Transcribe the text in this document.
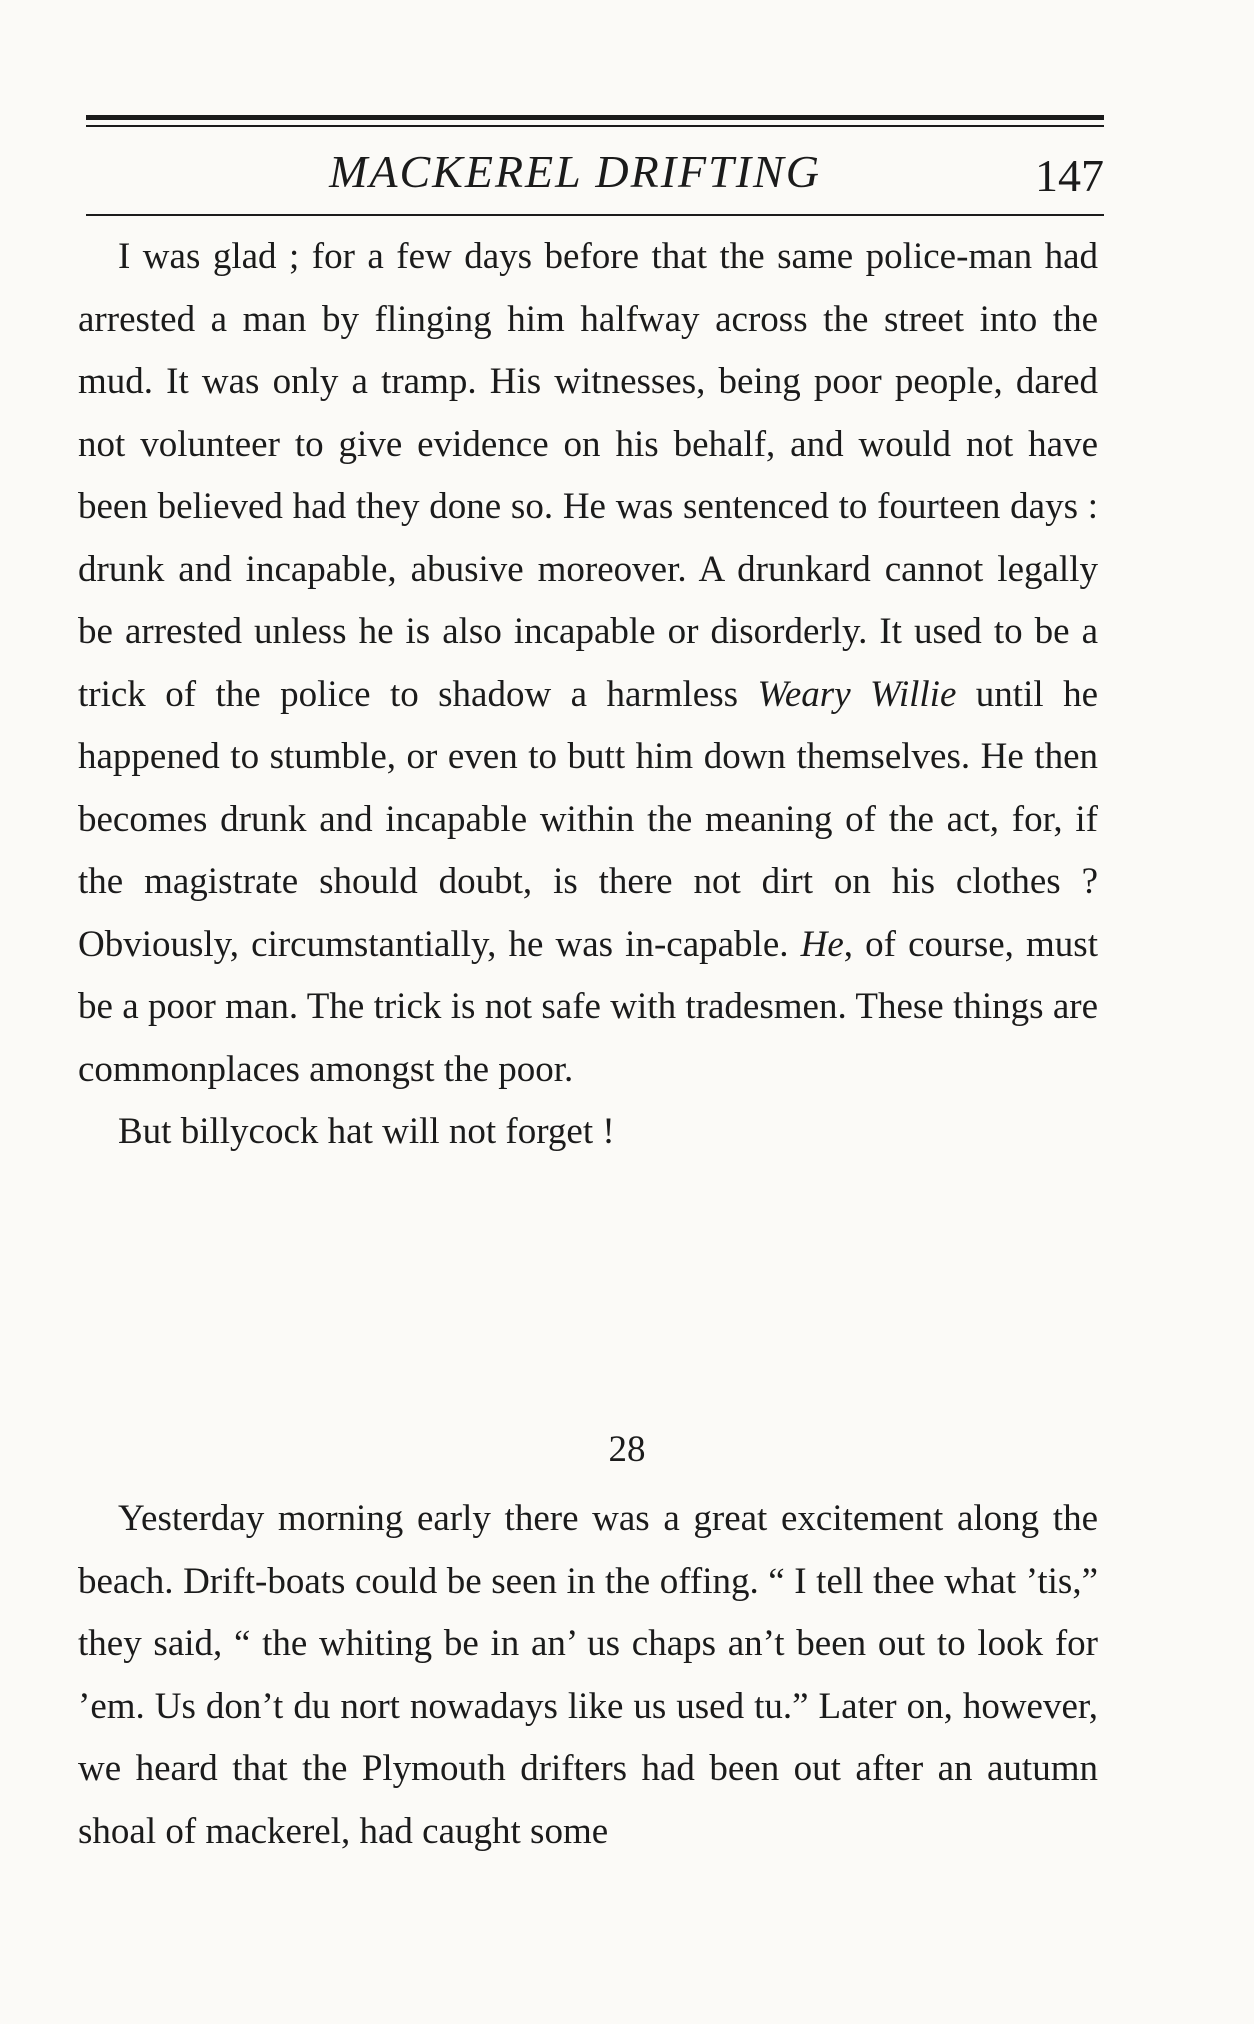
MACKEREL DRIFTING	147

I was glad ; for a few days before that the same police-man had arrested a man by flinging him halfway across the street into the mud. It was only a tramp. His witnesses, being poor people, dared not volunteer to give evidence on his behalf, and would not have been believed had they done so. He was sentenced to fourteen days : drunk and incapable, abusive moreover. A drunkard cannot legally be arrested unless he is also incapable or disorderly. It used to be a trick of the police to shadow a harmless Weary Willie until he happened to stumble, or even to butt him down themselves. He then becomes drunk and incapable within the meaning of the act, for, if the magistrate should doubt, is there not dirt on his clothes ? Obviously, circumstantially, he was in-capable. He, of course, must be a poor man. The trick is not safe with tradesmen. These things are commonplaces amongst the poor.

But billycock hat will not forget !

28

Yesterday morning early there was a great excitement along the beach. Drift-boats could be seen in the offing. “ I tell thee what ’tis,” they said, “ the whiting be in an’ us chaps an’t been out to look for ’em. Us don’t du nort nowadays like us used tu.” Later on, however, we heard that the Plymouth drifters had been out after an autumn shoal of mackerel, had caught some
